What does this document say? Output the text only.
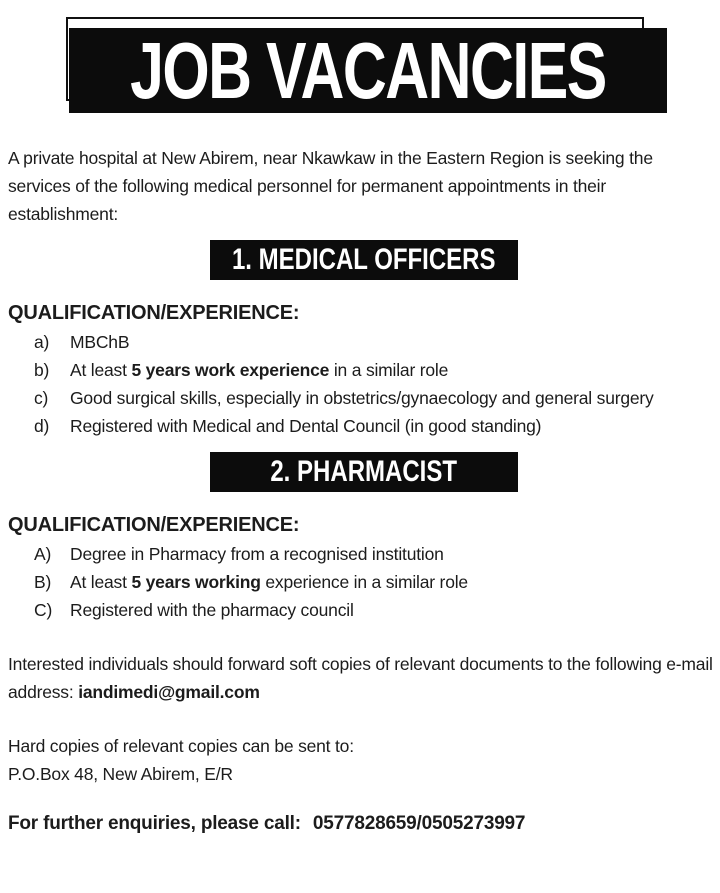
JOB VACANCIES

A private hospital at New Abirem, near Nkawkaw in the Eastern Region is seeking the services of the following medical personnel for permanent appointments in their establishment:

1. MEDICAL OFFICERS
QUALIFICATION/EXPERIENCE:
a)	MBChB
b)	At least 5 years work experience in a similar role
c)	Good surgical skills, especially in obstetrics/gynaecology and general surgery
d)	Registered with Medical and Dental Council (in good standing)
2. PHARMACIST
QUALIFICATION/EXPERIENCE:
A)	Degree in Pharmacy from a recognised institution
B)	At least 5 years working experience in a similar role
C)	Registered with the pharmacy council

Interested individuals should forward soft copies of relevant documents to the following e-mail address: iandimedi@gmail.com

Hard copies of relevant copies can be sent to:
P.O.Box 48, New Abirem, E/R

For further enquiries, please call: 0577828659/0505273997
